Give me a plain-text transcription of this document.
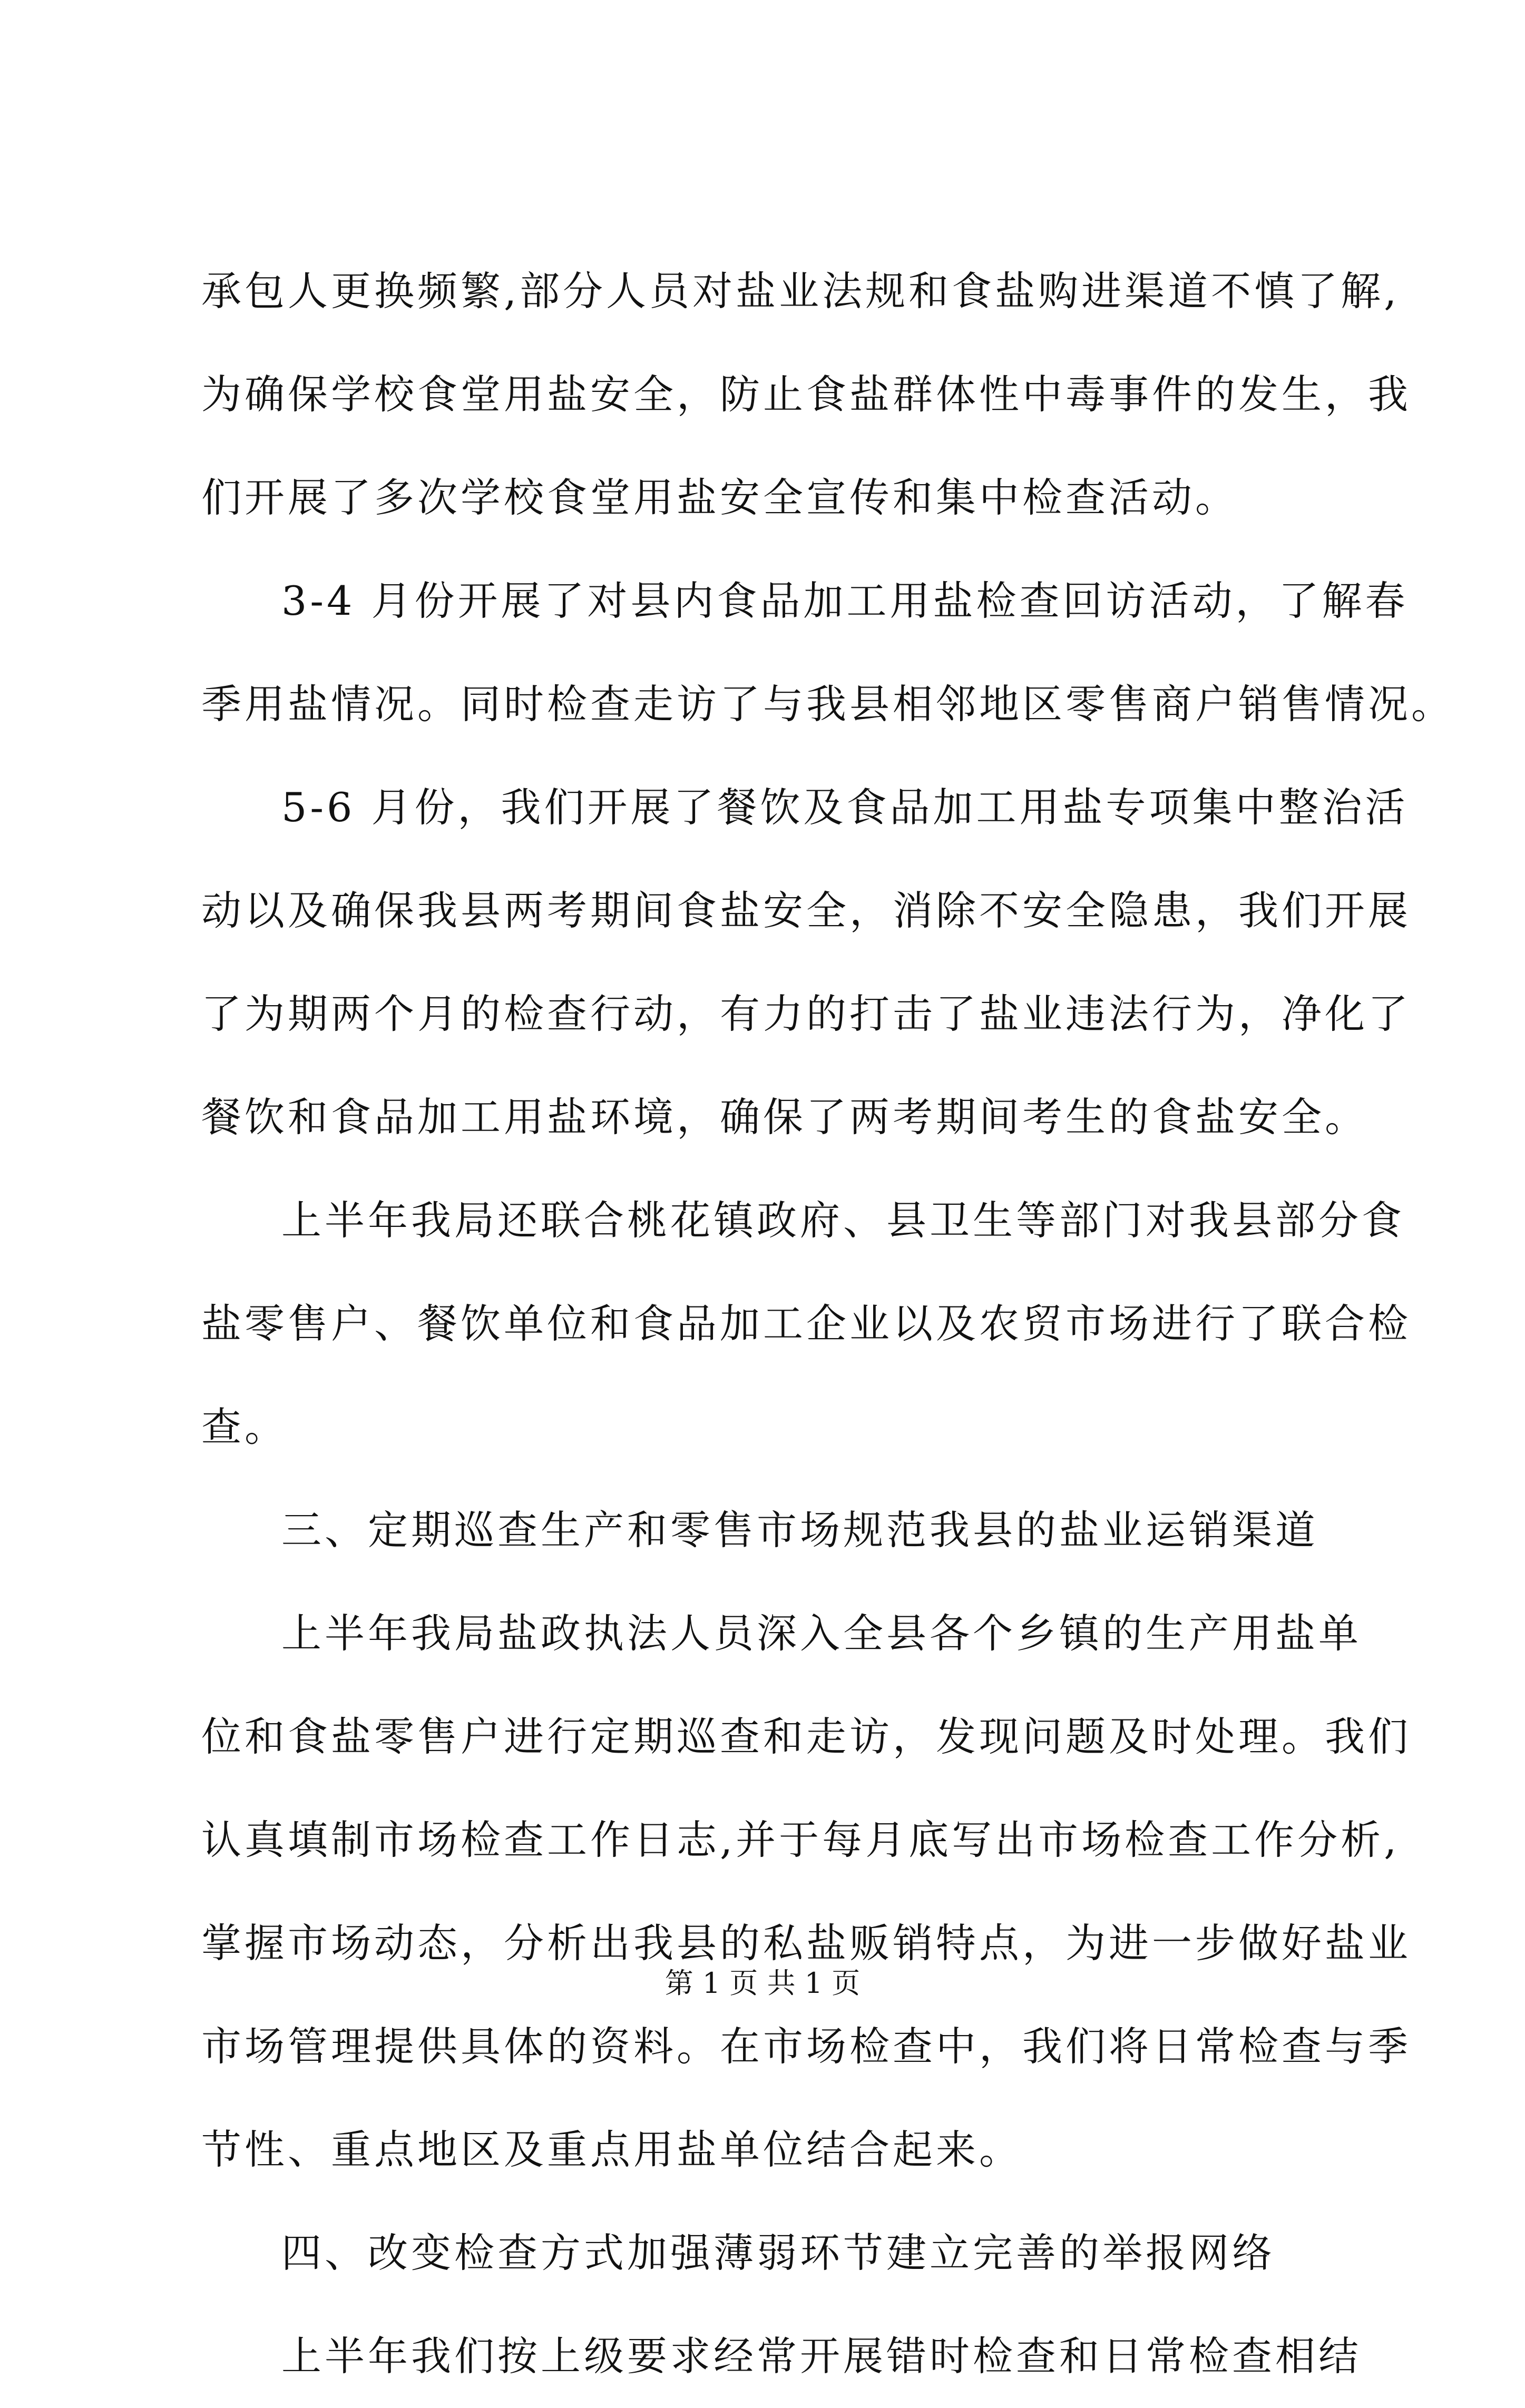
承包人更换频繁,部分人员对盐业法规和食盐购进渠道不慎了解,
为确保学校食堂用盐安全，防止食盐群体性中毒事件的发生，我
们开展了多次学校食堂用盐安全宣传和集中检查活动。
3-4 月份开展了对县内食品加工用盐检查回访活动，了解春
季用盐情况。同时检查走访了与我县相邻地区零售商户销售情况。
5-6 月份，我们开展了餐饮及食品加工用盐专项集中整治活
动以及确保我县两考期间食盐安全，消除不安全隐患，我们开展
了为期两个月的检查行动，有力的打击了盐业违法行为，净化了
餐饮和食品加工用盐环境，确保了两考期间考生的食盐安全。
上半年我局还联合桃花镇政府、县卫生等部门对我县部分食
盐零售户、餐饮单位和食品加工企业以及农贸市场进行了联合检
查。
三、定期巡查生产和零售市场规范我县的盐业运销渠道
上半年我局盐政执法人员深入全县各个乡镇的生产用盐单
位和食盐零售户进行定期巡查和走访，发现问题及时处理。我们
认真填制市场检查工作日志,并于每月底写出市场检查工作分析,
掌握市场动态，分析出我县的私盐贩销特点，为进一步做好盐业
市场管理提供具体的资料。在市场检查中，我们将日常检查与季
节性、重点地区及重点用盐单位结合起来。
四、改变检查方式加强薄弱环节建立完善的举报网络
上半年我们按上级要求经常开展错时检查和日常检查相结
第 1 页 共 1 页
